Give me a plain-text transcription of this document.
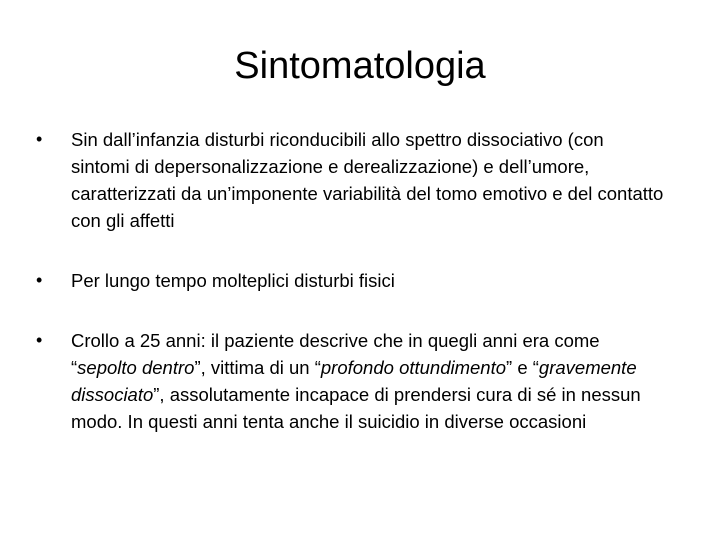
Sintomatologia
•	Sin dall’infanzia disturbi riconducibili allo spettro dissociativo (con sintomi di depersonalizzazione e derealizzazione) e dell’umore, caratterizzati da un’imponente variabilità del tomo emotivo e del contatto con gli affetti
•	Per lungo tempo molteplici disturbi fisici
•	Crollo a 25 anni: il paziente descrive che in quegli anni era come “sepolto dentro”, vittima di un “profondo ottundimento” e “gravemente dissociato”, assolutamente incapace di prendersi cura di sé in nessun modo. In questi anni tenta anche il suicidio in diverse occasioni
